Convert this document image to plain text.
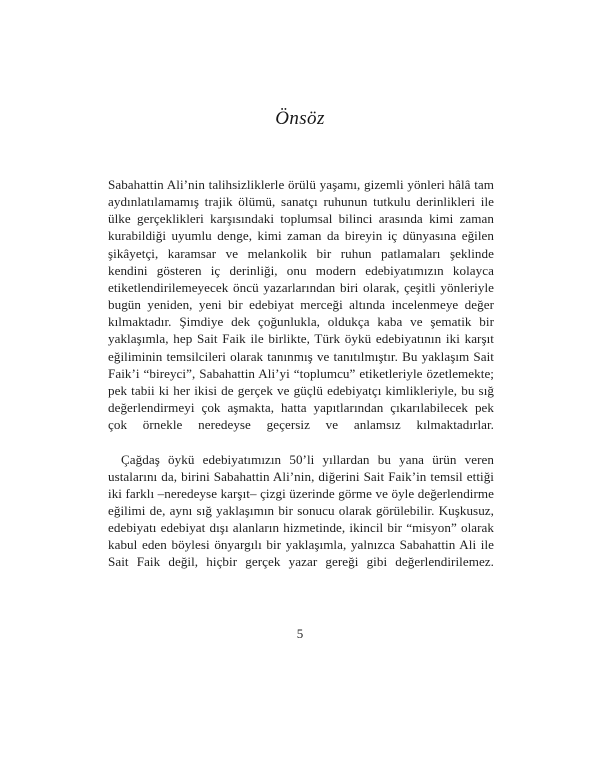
Önsöz

Sabahattin Ali’nin talihsizliklerle örülü yaşamı, gizemli yönleri hâlâ tam aydınlatılamamış trajik ölümü, sanatçı ruhunun tutkulu derinlikleri ile ülke gerçeklikleri karşısındaki toplumsal bilinci arasında kimi zaman kurabildiği uyumlu denge, kimi zaman da bireyin iç dünyasına eğilen şikâyetçi, karamsar ve melankolik bir ruhun patlamaları şeklinde kendini gösteren iç derinliği, onu modern edebiyatımızın kolayca etiketlendirilemeyecek öncü yazarlarından biri olarak, çeşitli yönleriyle bugün yeniden, yeni bir edebiyat merceği altında incelenmeye değer kılmaktadır. Şimdiye dek çoğunlukla, oldukça kaba ve şematik bir yaklaşımla, hep Sait Faik ile birlikte, Türk öykü edebiyatının iki karşıt eğiliminin temsilcileri olarak tanınmış ve tanıtılmıştır. Bu yaklaşım Sait Faik’i “bireyci”, Sabahattin Ali’yi “toplumcu” etiketleriyle özetlemekte; pek tabii ki her ikisi de gerçek ve güçlü edebiyatçı kimlikleriyle, bu sığ değerlendirmeyi çok aşmakta, hatta yapıtlarından çıkarılabilecek pek çok örnekle neredeyse geçersiz ve anlamsız kılmaktadırlar.

Çağdaş öykü edebiyatımızın 50’li yıllardan bu yana ürün veren ustalarını da, birini Sabahattin Ali’nin, diğerini Sait Faik’in temsil ettiği iki farklı –neredeyse karşıt– çizgi üzerinde görme ve öyle değerlendirme eğilimi de, aynı sığ yaklaşımın bir sonucu olarak görülebilir. Kuşkusuz, edebiyatı edebiyat dışı alanların hizmetinde, ikincil bir “misyon” olarak kabul eden böylesi önyargılı bir yaklaşımla, yalnızca Sabahattin Ali ile Sait Faik değil, hiçbir gerçek yazar gereği gibi değerlendirilemez.

5
